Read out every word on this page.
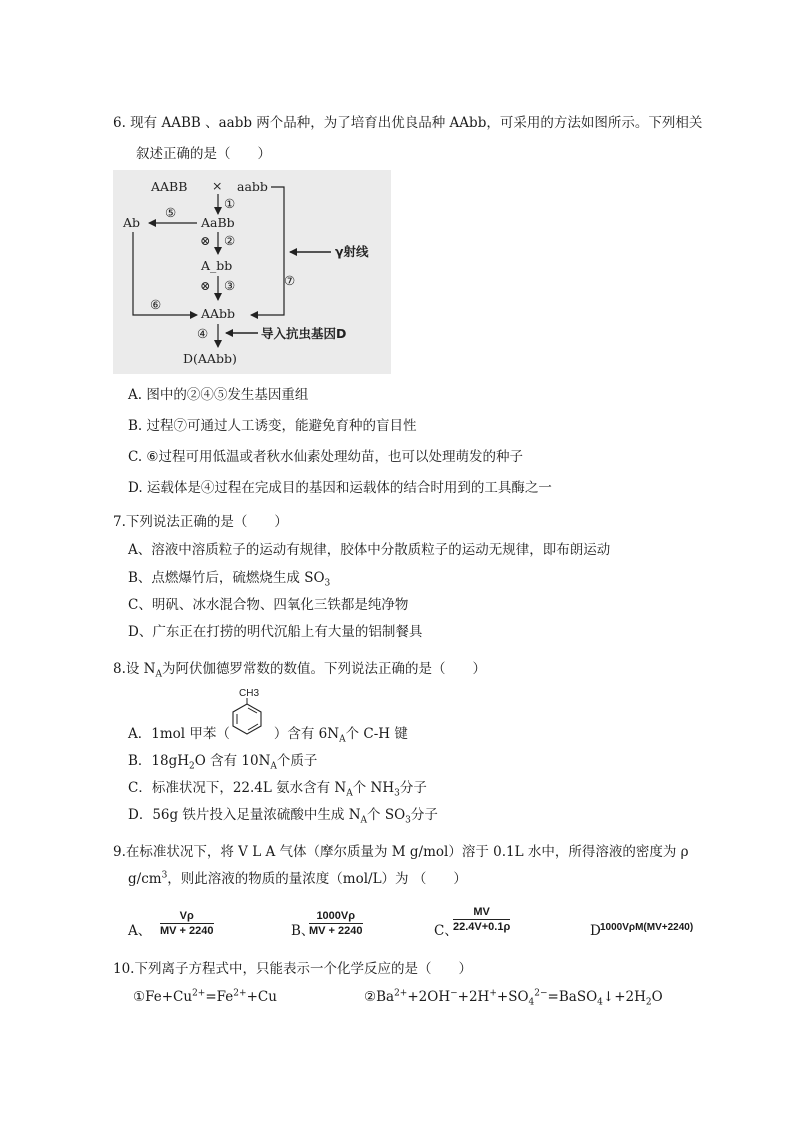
6. 现有 AABB 、aabb 两个品种，为了培育出优良品种 AAbb，可采用的方法如图所示。下列相关
叙述正确的是（　　）
AABB × aabb
①
Ab
⑤
AaBb
⊗ ②
A_bb
⊗ ③
⑥
AAbb
④	导入抗虫基因D
D(AAbb)
γ射线
⑦
A. 图中的②④⑤发生基因重组
B. 过程⑦可通过人工诱变，能避免育种的盲目性
C. ⑥过程可用低温或者秋水仙素处理幼苗，也可以处理萌发的种子
D. 运载体是④过程在完成目的基因和运载体的结合时用到的工具酶之一
7.下列说法正确的是（　　）
A、溶液中溶质粒子的运动有规律，胶体中分散质粒子的运动无规律，即布朗运动
B、点燃爆竹后，硫燃烧生成 $SO_3$
C、明矾、冰水混合物、四氧化三铁都是纯净物
D、广东正在打捞的明代沉船上有大量的铝制餐具
8.设 $N_A$为阿伏伽德罗常数的数值。下列说法正确的是（　　）
CH3
A．1mol 甲苯（	）含有 $6N_A$个 C-H 键
B．$18gH_2O$ 含有 $10N_A$个质子
C．标准状况下，22.4L 氨水含有 $N_A$个 $NH_3$分子
D．56g 铁片投入足量浓硫酸中生成 $N_A$个 $SO_3$分子
9.在标准状况下，将 V L A 气体（摩尔质量为 M g/mol）溶于 0.1L 水中，所得溶液的密度为 ρ
$g/cm^3$，则此溶液的物质的量浓度（mol/L）为 （　　）
A、 $\frac{V\rho}{MV + 2240}$	B、
$\frac{1000V\rho}{MV + 2240}$	C、
$\frac{MV}{22.4V+0.1\rho}$	D 1000VρM(MV+2240)
10.下列离子方程式中，只能表示一个化学反应的是（　　）
$①Fe+Cu^{2+}=Fe^{2+}+Cu$	$②Ba^{2+}+2OH^-+2H^++SO_4^{2-}=BaSO_4↓+2H_2O$
